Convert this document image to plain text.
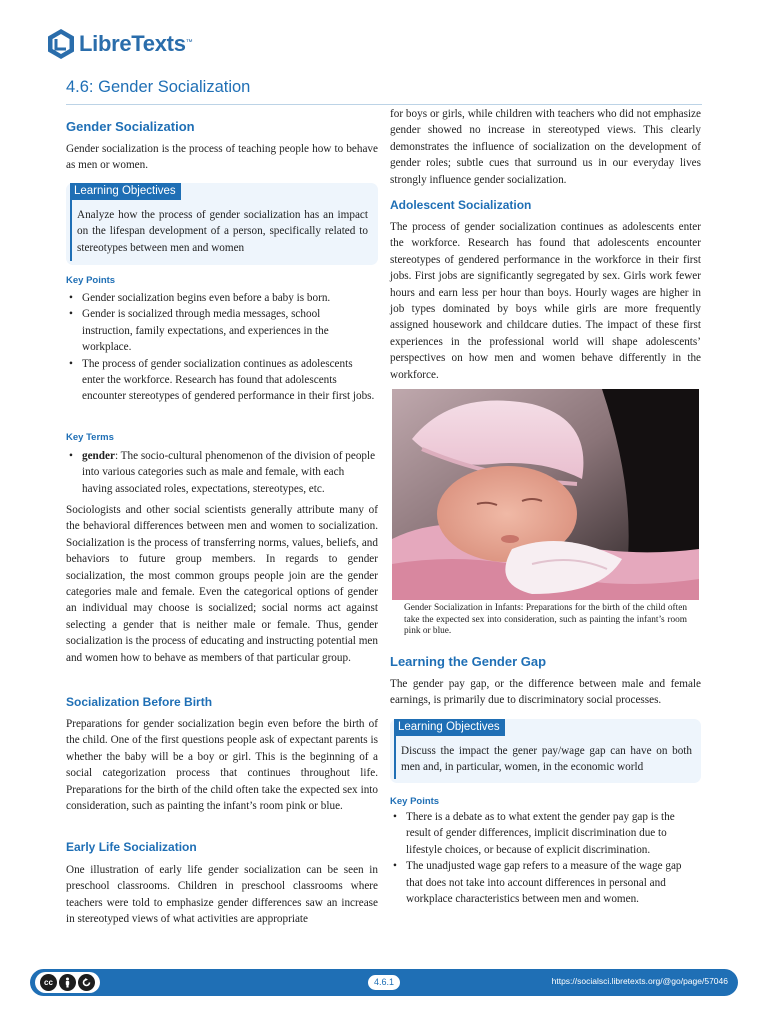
LibreTexts ™
4.6: Gender Socialization
Gender Socialization

Gender socialization is the process of teaching people how to behave as men or women.

Learning Objectives

Analyze how the process of gender socialization has an impact on the lifespan development of a person, specifically related to stereotypes between men and women

Key Points
• Gender socialization begins even before a baby is born.
• Gender is socialized through media messages, school instruction, family expectations, and experiences in the workplace.
• The process of gender socialization continues as adolescents enter the workforce. Research has found that adolescents encounter stereotypes of gendered performance in their first jobs.
Key Terms
• gender: The socio-cultural phenomenon of the division of people into various categories such as male and female, with each having associated roles, expectations, stereotypes, etc.

Sociologists and other social scientists generally attribute many of the behavioral differences between men and women to socialization. Socialization is the process of transferring norms, values, beliefs, and behaviors to future group members. In regards to gender socialization, the most common groups people join are the gender categories male and female. Even the categorical options of gender an individual may choose is socialized; social norms act against selecting a gender that is neither male or female. Thus, gender socialization is the process of educating and instructing potential men and women how to behave as members of that particular group.

Socialization Before Birth

Preparations for gender socialization begin even before the birth of the child. One of the first questions people ask of expectant parents is whether the baby will be a boy or girl. This is the beginning of a social categorization process that continues throughout life. Preparations for the birth of the child often take the expected sex into consideration, such as painting the infant’s room pink or blue.

Early Life Socialization

One illustration of early life gender socialization can be seen in preschool classrooms. Children in preschool classrooms where teachers were told to emphasize gender differences saw an increase in stereotyped views of what activities are appropriate

for boys or girls, while children with teachers who did not emphasize gender showed no increase in stereotyped views. This clearly demonstrates the influence of socialization on the development of gender roles; subtle cues that surround us in our everyday lives strongly influence gender socialization.

Adolescent Socialization

The process of gender socialization continues as adolescents enter the workforce. Research has found that adolescents encounter stereotypes of gendered performance in the workforce in their first jobs. First jobs are significantly segregated by sex. Girls work fewer hours and earn less per hour than boys. Hourly wages are higher in job types dominated by boys while girls are more frequently assigned housework and childcare duties. The impact of these first experiences in the professional world will shape adolescents’ perspectives on how men and women behave differently in the workforce.

Gender Socialization in Infants: Preparations for the birth of the child often take the expected sex into consideration, such as painting the infant’s room pink or blue.

Learning the Gender Gap

The gender pay gap, or the difference between male and female earnings, is primarily due to discriminatory social processes.

Learning Objectives

Discuss the impact the gener pay/wage gap can have on both men and, in particular, women, in the economic world

Key Points
• There is a debate as to what extent the gender pay gap is the result of gender differences, implicit discrimination due to lifestyle choices, or because of explicit discrimination.
• The unadjusted wage gap refers to a measure of the wage gap that does not take into account differences in personal and workplace characteristics between men and women.
cc	4.6.1	https://socialsci.libretexts.org/@go/page/57046
